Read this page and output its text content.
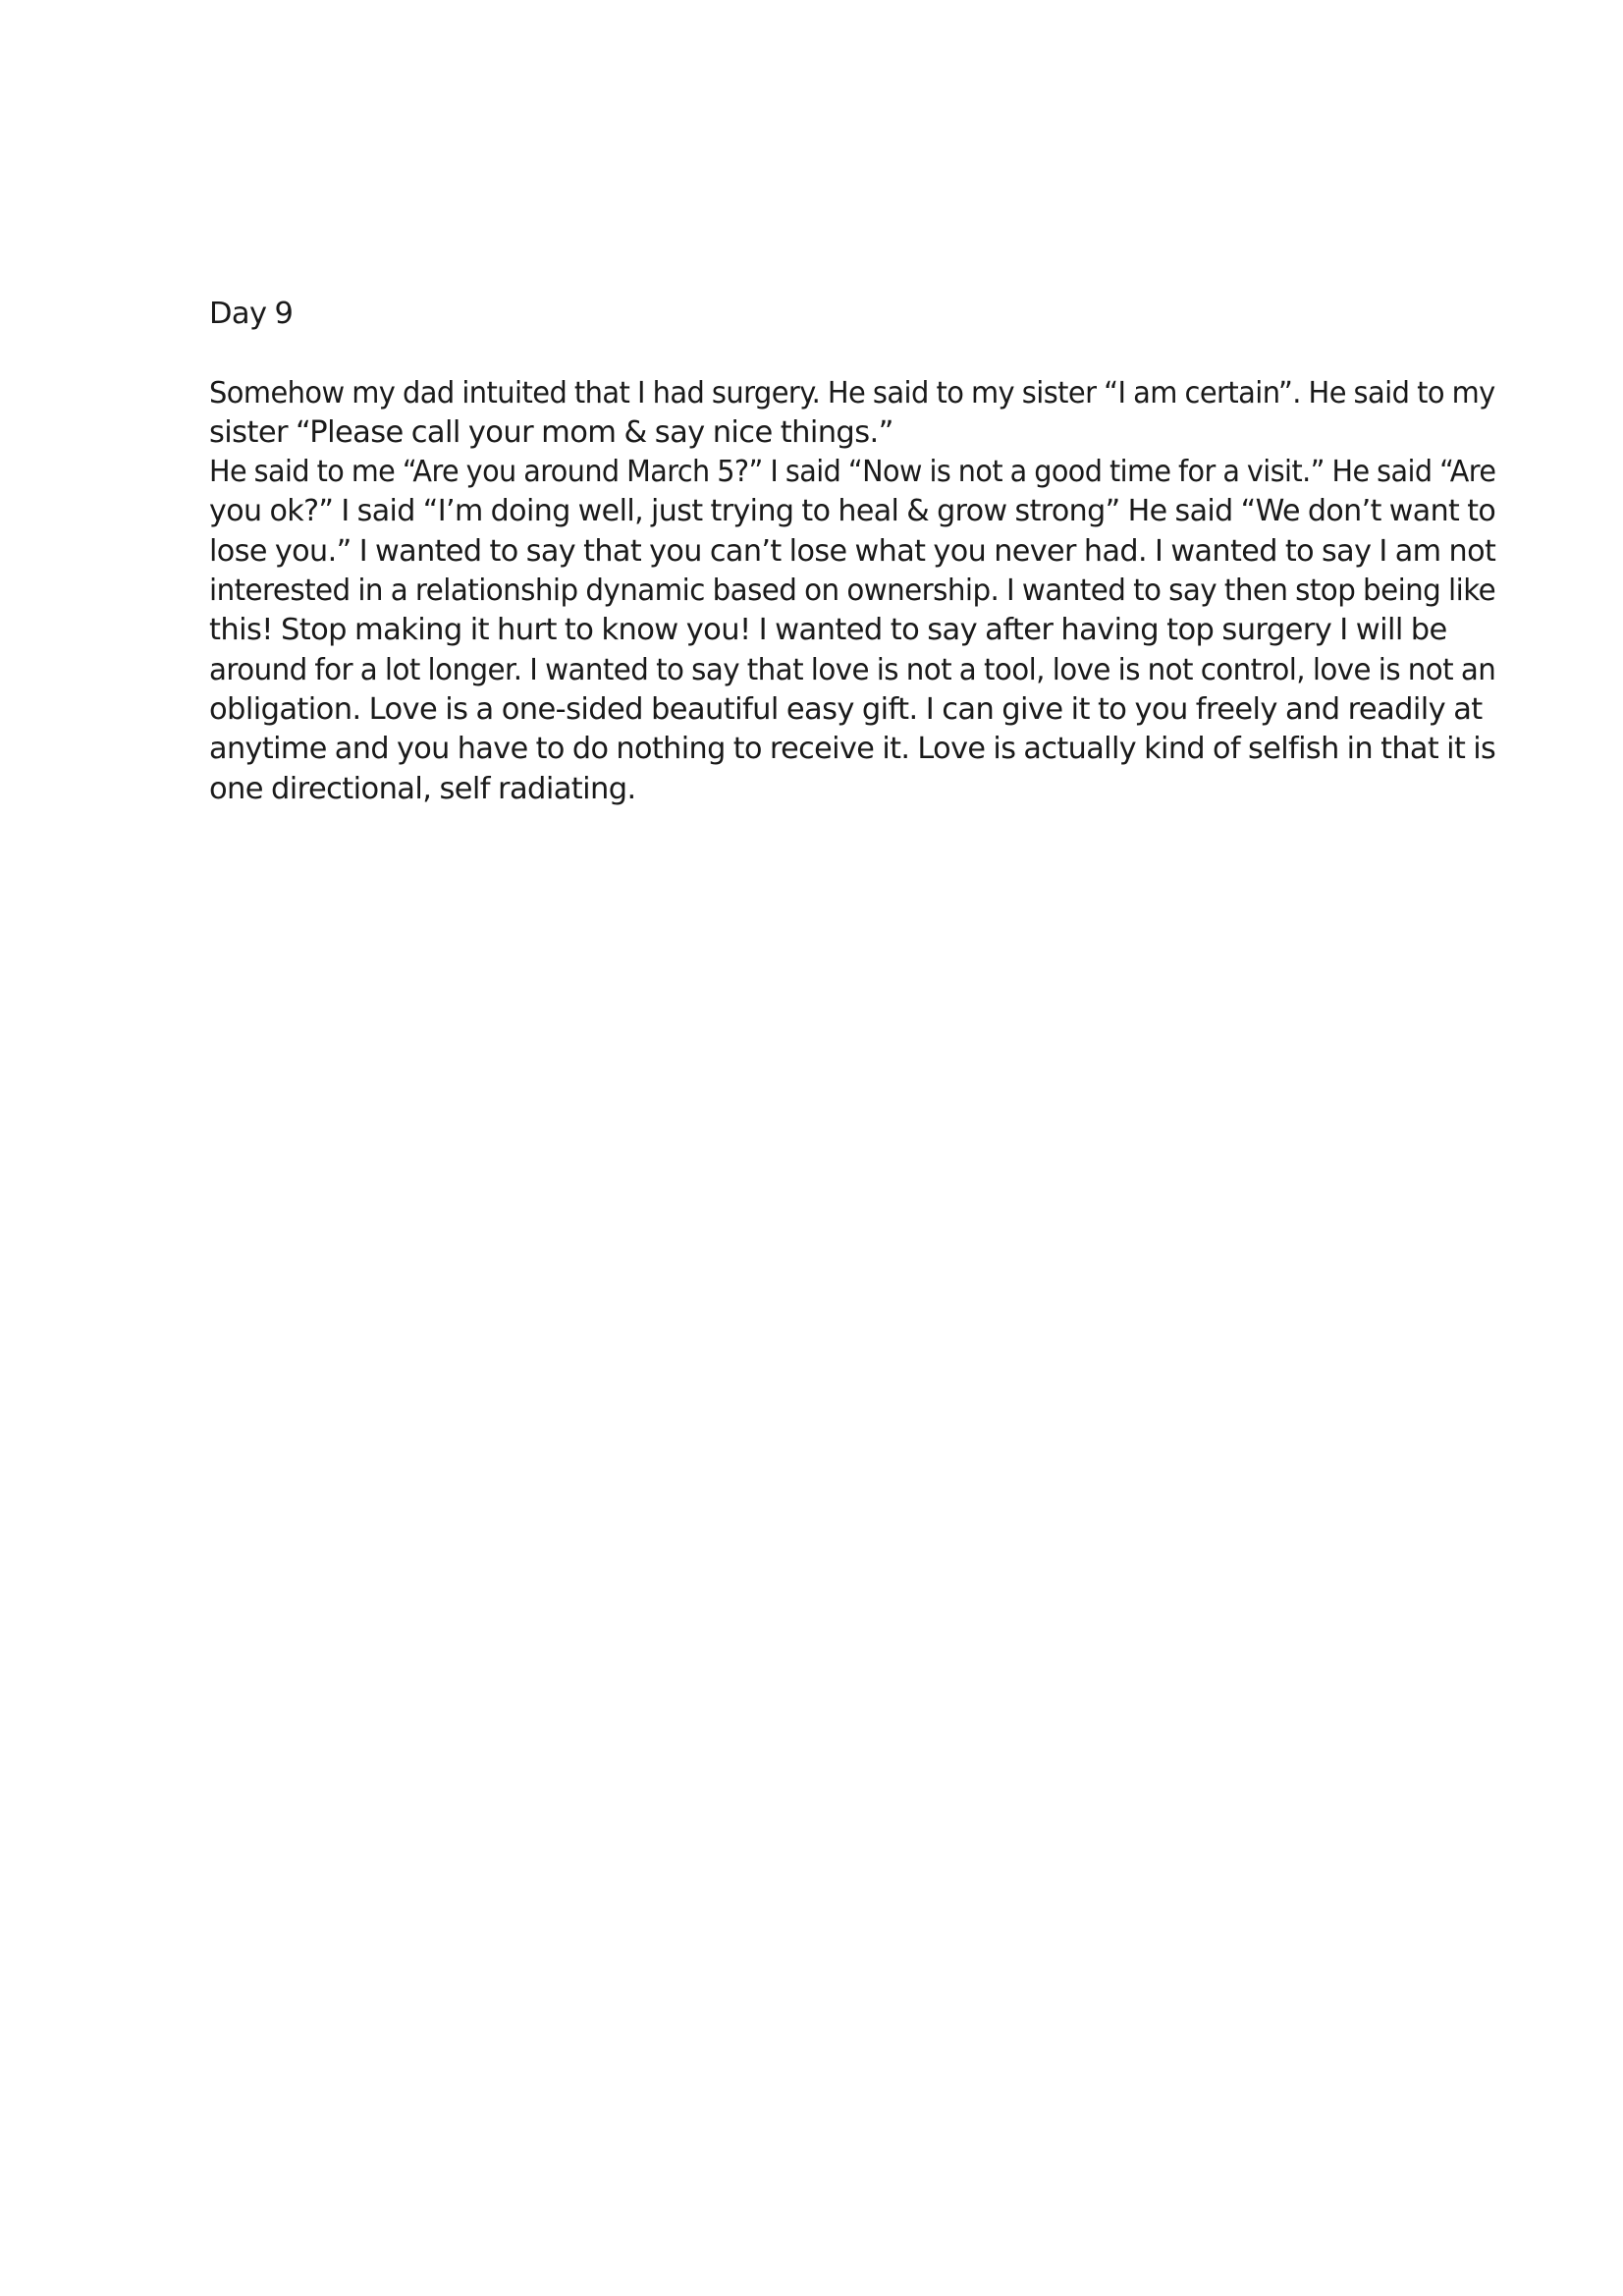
Day 9

Somehow my dad intuited that I had surgery. He said to my sister “I am certain”. He said to my

sister “Please call your mom & say nice things.”

He said to me “Are you around March 5?” I said “Now is not a good time for a visit.” He said “Are

you ok?” I said “I’m doing well, just trying to heal & grow strong” He said “We don’t want to

lose you.” I wanted to say that you can’t lose what you never had. I wanted to say I am not

interested in a relationship dynamic based on ownership. I wanted to say then stop being like

this! Stop making it hurt to know you! I wanted to say after having top surgery I will be

around for a lot longer. I wanted to say that love is not a tool, love is not control, love is not an

obligation. Love is a one-sided beautiful easy gift. I can give it to you freely and readily at

anytime and you have to do nothing to receive it. Love is actually kind of selfish in that it is

one directional, self radiating.
